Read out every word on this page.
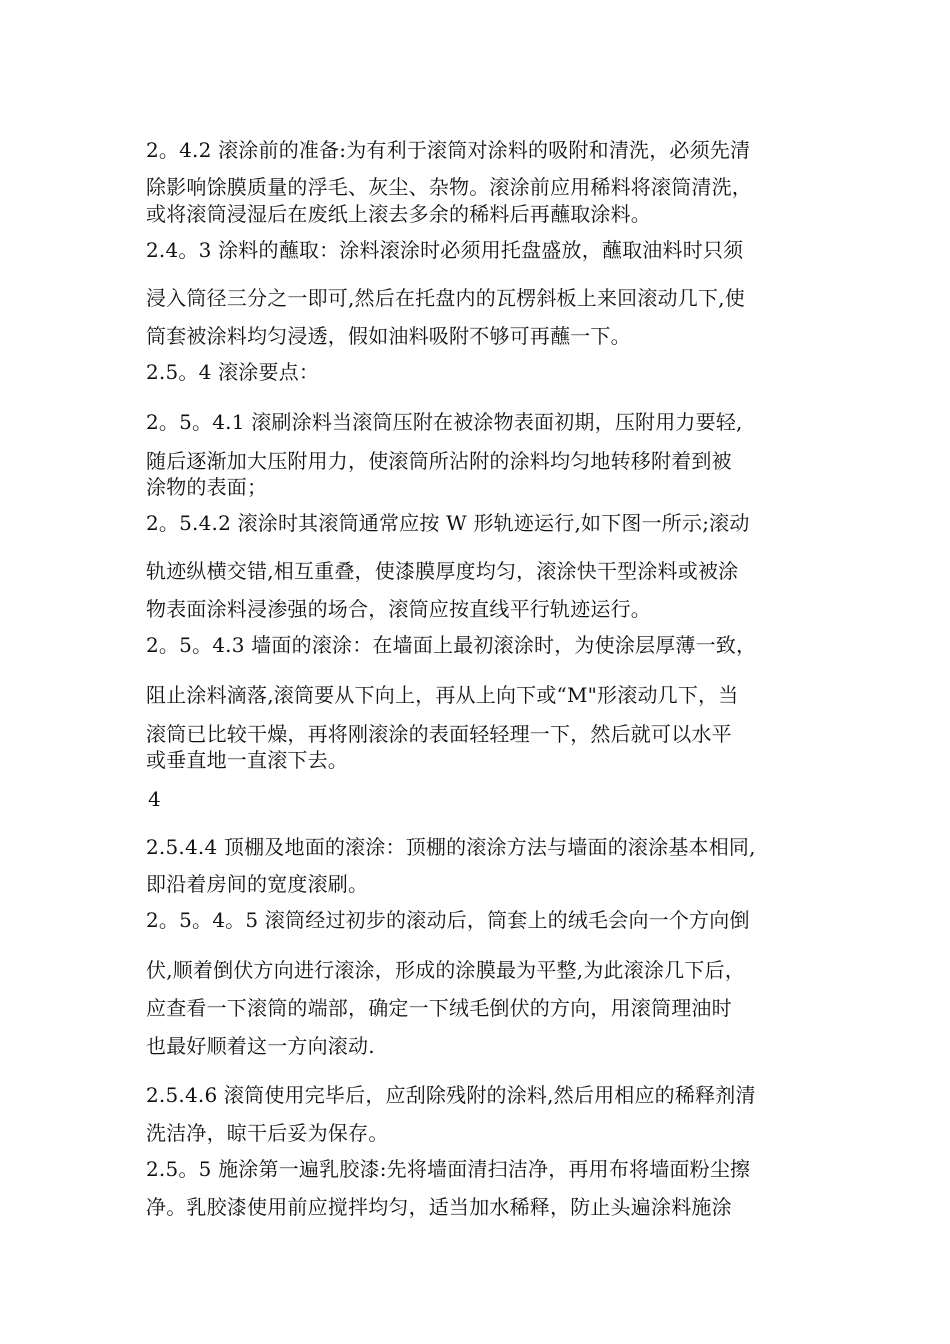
2。4.2 滚涂前的准备:为有利于滚筒对涂料的吸附和清洗，必须先清
除影响馀膜质量的浮毛、灰尘、杂物。滚涂前应用稀料将滚筒清洗，
或将滚筒浸湿后在废纸上滚去多余的稀料后再蘸取涂料。
2.4。3 涂料的蘸取：涂料滚涂时必须用托盘盛放，蘸取油料时只须
浸入筒径三分之一即可,然后在托盘内的瓦楞斜板上来回滚动几下,使
筒套被涂料均匀浸透，假如油料吸附不够可再蘸一下。
2.5。4 滚涂要点：
2。5。4.1 滚刷涂料当滚筒压附在被涂物表面初期，压附用力要轻,
随后逐渐加大压附用力，使滚筒所沾附的涂料均匀地转移附着到被
涂物的表面；
2。5.4.2 滚涂时其滚筒通常应按 W 形轨迹运行,如下图一所示;滚动
轨迹纵横交错,相互重叠，使漆膜厚度均匀，滚涂快干型涂料或被涂
物表面涂料浸渗强的场合，滚筒应按直线平行轨迹运行。
2。5。4.3 墙面的滚涂：在墙面上最初滚涂时，为使涂层厚薄一致，
阻止涂料滴落,滚筒要从下向上，再从上向下或“M"形滚动几下，当
滚筒已比较干燥，再将刚滚涂的表面轻轻理一下，然后就可以水平
或垂直地一直滚下去。
4
2.5.4.4 顶棚及地面的滚涂：顶棚的滚涂方法与墙面的滚涂基本相同,
即沿着房间的宽度滚刷。
2。5。4。5 滚筒经过初步的滚动后，筒套上的绒毛会向一个方向倒
伏,顺着倒伏方向进行滚涂，形成的涂膜最为平整,为此滚涂几下后，
应查看一下滚筒的端部，确定一下绒毛倒伏的方向，用滚筒理油时
也最好顺着这一方向滚动.
2.5.4.6 滚筒使用完毕后，应刮除残附的涂料,然后用相应的稀释剂清
洗洁净，晾干后妥为保存。
2.5。5 施涂第一遍乳胶漆:先将墙面清扫洁净，再用布将墙面粉尘擦
净。乳胶漆使用前应搅拌均匀，适当加水稀释，防止头遍涂料施涂
